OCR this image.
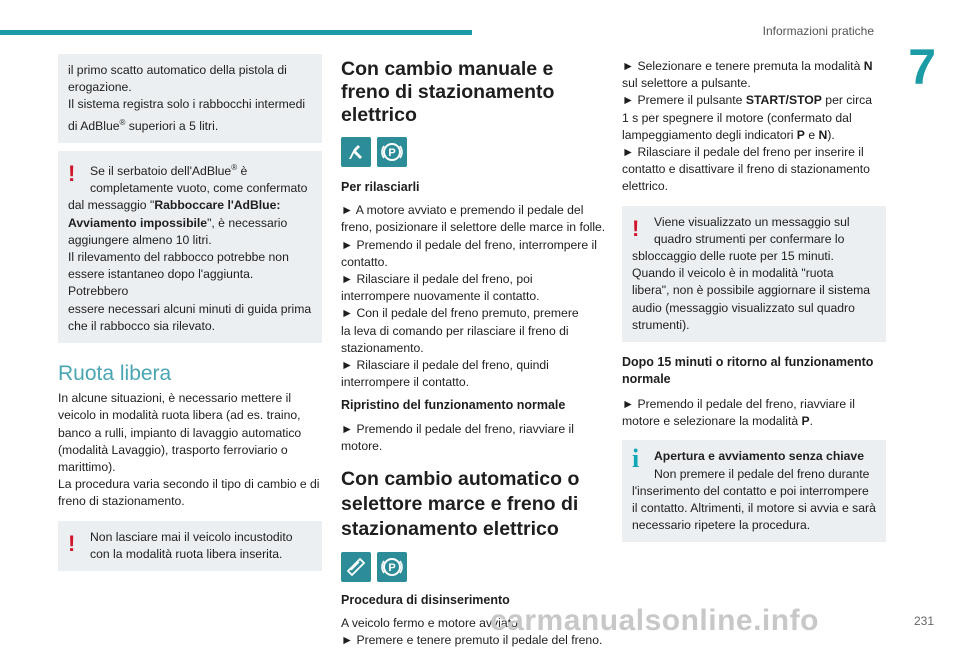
Informazioni pratiche
7

il primo scatto automatico della pistola di

erogazione.

Il sistema registra solo i rabbocchi intermedi

di AdBlue® superiori a 5 litri.

!	Se il serbatoio dell'AdBlue® è

completamente vuoto, come confermato

dal messaggio "Rabboccare l'AdBlue:

Avviamento impossibile", è necessario

aggiungere almeno 10 litri.

Il rilevamento del rabbocco potrebbe non

essere istantaneo dopo l'aggiunta. Potrebbero

essere necessari alcuni minuti di guida prima

che il rabbocco sia rilevato.

Ruota libera

In alcune situazioni, è necessario mettere il

veicolo in modalità ruota libera (ad es. traino,

banco a rulli, impianto di lavaggio automatico

(modalità Lavaggio), trasporto ferroviario o

marittimo).

La procedura varia secondo il tipo di cambio e di

freno di stazionamento.

! Non lasciare mai il veicolo incustodito

con la modalità ruota libera inserita.

Con cambio manuale e
freno di stazionamento
elettrico
P
Per rilasciarli

► A motore avviato e premendo il pedale del

freno, posizionare il selettore delle marce in folle.

► Premendo il pedale del freno, interrompere il

contatto.

► Rilasciare il pedale del freno, poi

interrompere nuovamente il contatto.

► Con il pedale del freno premuto, premere

la leva di comando per rilasciare il freno di

stazionamento.

► Rilasciare il pedale del freno, quindi

interrompere il contatto.

Ripristino del funzionamento normale

► Premendo il pedale del freno, riavviare il

motore.

Con cambio automatico o
selettore marce e freno di
stazionamento elettrico
P
Procedura di disinserimento

A veicolo fermo e motore avviato:

► Premere e tenere premuto il pedale del freno.

► Selezionare e tenere premuta la modalità N

sul selettore a pulsante.

► Premere il pulsante START/STOP per circa

1 s per spegnere il motore (confermato dal

lampeggiamento degli indicatori P e N).

► Rilasciare il pedale del freno per inserire il

contatto e disattivare il freno di stazionamento

elettrico.

!	Viene visualizzato un messaggio sul

quadro strumenti per confermare lo

sbloccaggio delle ruote per 15 minuti.

Quando il veicolo è in modalità "ruota

libera", non è possibile aggiornare il sistema

audio (messaggio visualizzato sul quadro

strumenti).

Dopo 15 minuti o ritorno al funzionamento normale

► Premendo il pedale del freno, riavviare il

motore e selezionare la modalità P.

i	Apertura e avviamento senza chiave

Non premere il pedale del freno durante

l'inserimento del contatto e poi interrompere

il contatto. Altrimenti, il motore si avvia e sarà

necessario ripetere la procedura.

carmanualsonline.info	231
